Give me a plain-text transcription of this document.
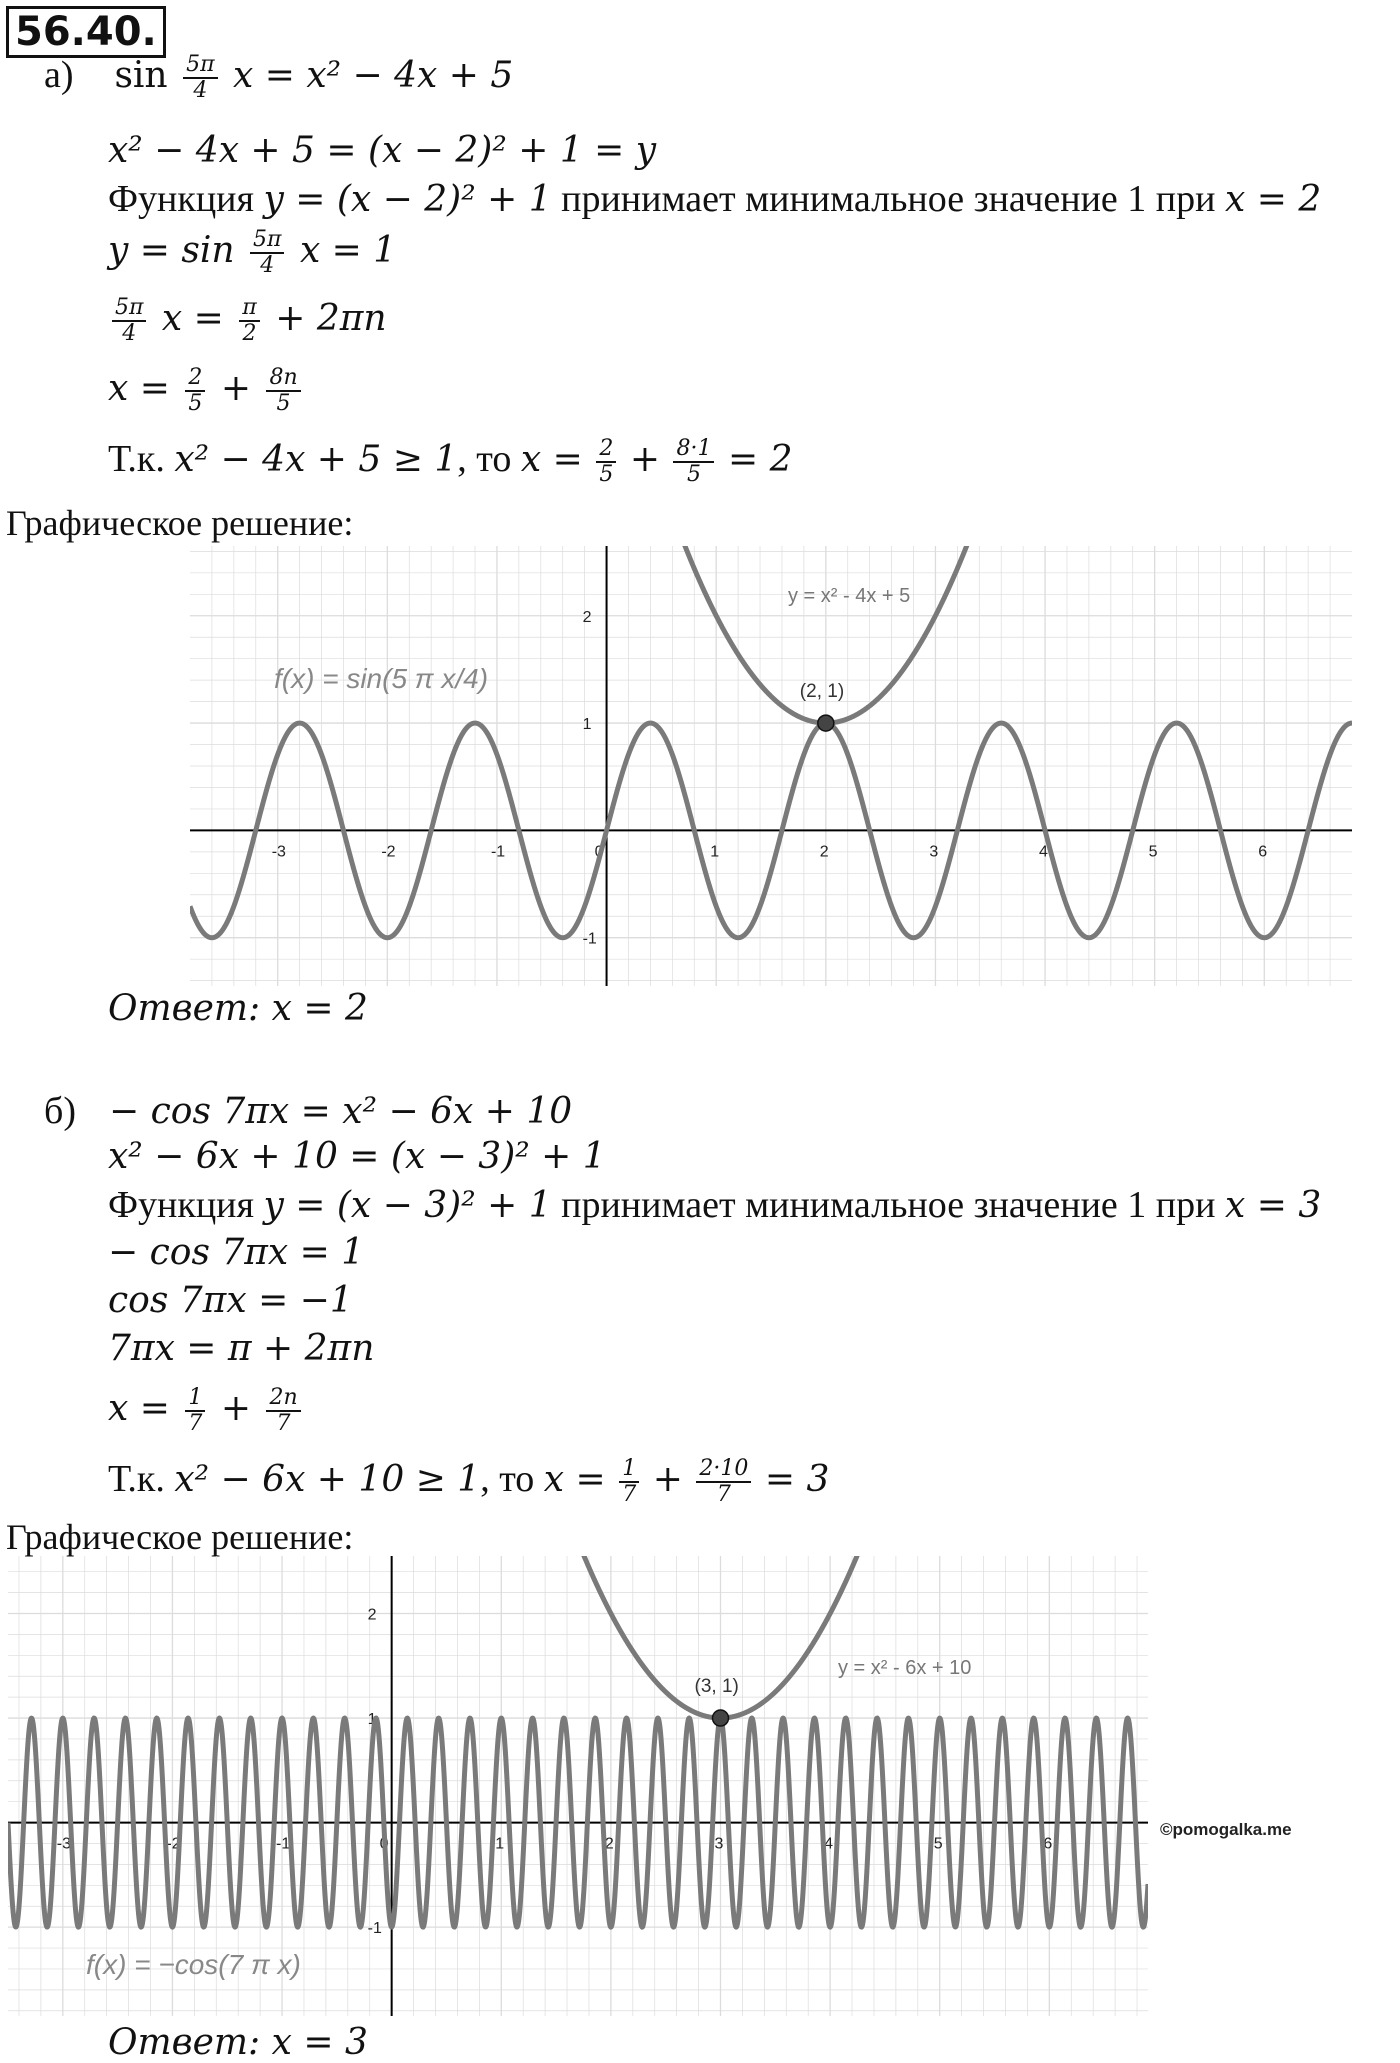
56.40.
а) $\sin \frac{5\pi}{4}$ x = x² − 4x + 5
x² − 4x + 5 = (x − 2)² + 1 = y
Функция y = (x − 2)² + 1 принимает минимальное значение 1 при x = 2
$y = \sin \frac{5\pi}{4}$ x = 1
$\frac{5\pi}{4}$ $x = \frac{\pi}{2} + 2\pi n$
$x = \frac{2}{5} + \frac{8n}{5}$
Т.к. x² − 4x + 5 ≥ 1, то $x = \frac{2}{5} + \frac{8\cdot 1}{5} = 2$
Графическое решение:
-3	-2	-1	0	1	2	3	4	5	6
-1
1
2
(2, 1)
f(x) = sin(5 π x/4)
y = x² - 4x + 5
Ответ: x = 2
б) − cos 7πx = x² − 6x + 10
x² − 6x + 10 = (x − 3)² + 1
Функция y = (x − 3)² + 1 принимает минимальное значение 1 при x = 3
− cos 7πx = 1
cos 7πx = −1
7πx = π + 2πn
$x = \frac{1}{7} + \frac{2n}{7}$
Т.к. x² − 6x + 10 ≥ 1, то $x = \frac{1}{7} + \frac{2\cdot 10}{7} = 3$
Графическое решение:
-3	-2	-1	0	1	2	3	4	5	6
-1
1
2
(3, 1)
f(x) = −cos(7 π x)
y = x² - 6x + 10
©pomogalka.me
Ответ: x = 3
